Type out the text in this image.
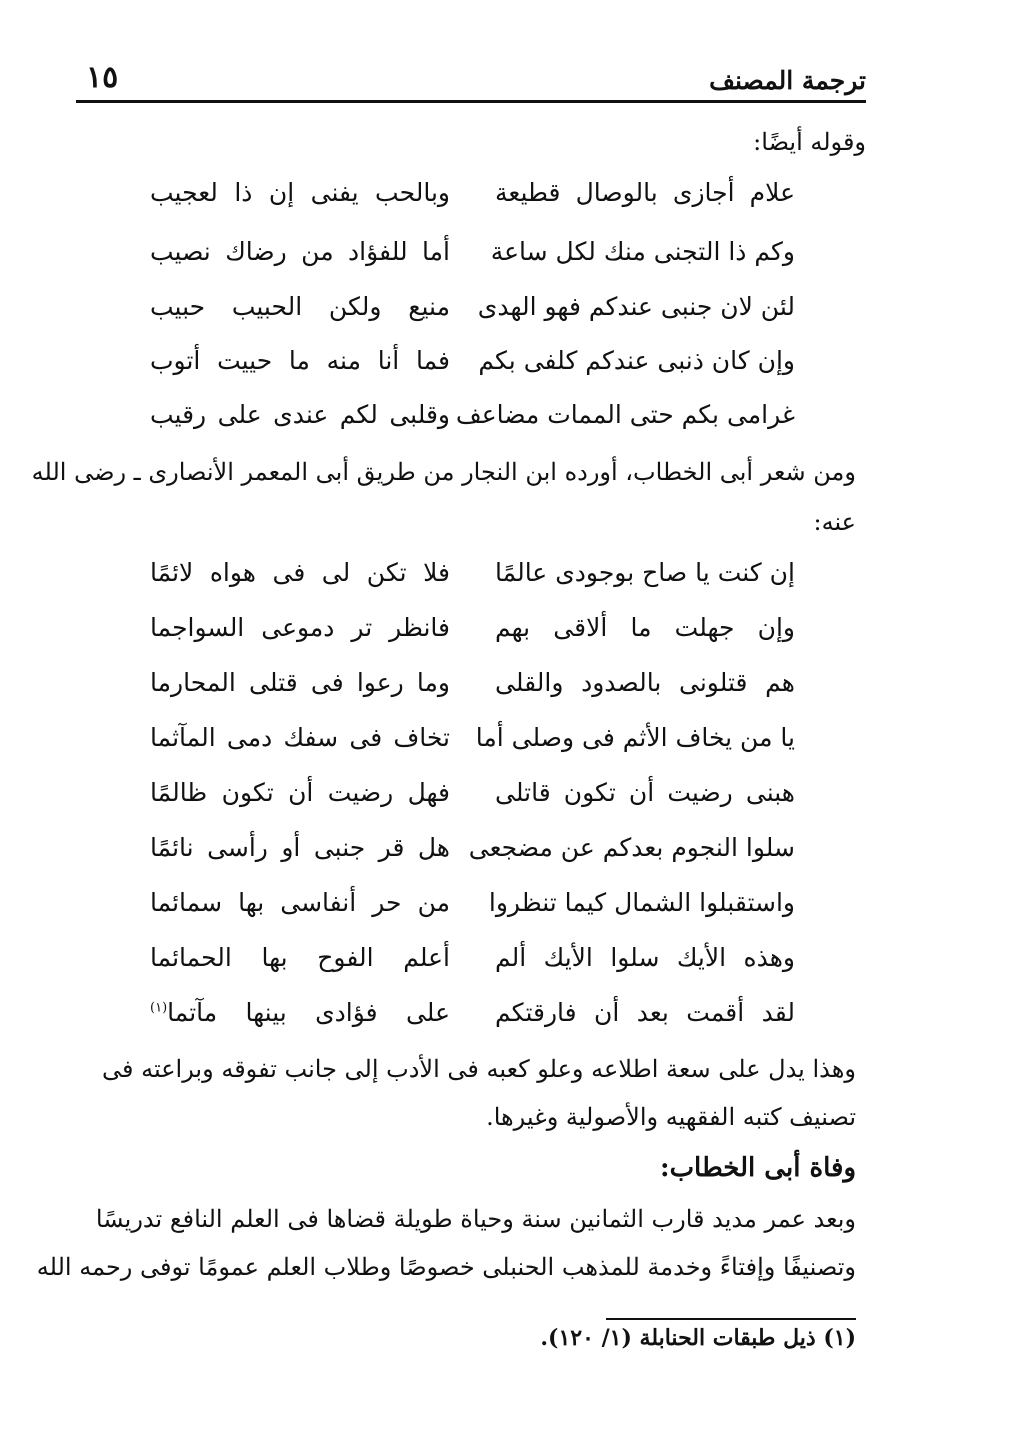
ترجمة المصنف
١٥
وقوله أيضًا:
علام أجازى بالوصال قطيعة
وبالحب يفنى إن ذا لعجيب
وكم ذا التجنى منك لكل ساعة
أما للفؤاد من رضاك نصيب
لئن لان جنبى عندكم فهو الهدى
منيع ولكن الحبيب حبيب
وإن كان ذنبى عندكم كلفى بكم
فما أنا منه ما حييت أتوب
غرامى بكم حتى الممات مضاعف
وقلبى لكم عندى على رقيب
ومن شعر أبى الخطاب، أورده ابن النجار من طريق أبى المعمر الأنصارى ـ رضى الله
عنه:
إن كنت يا صاح بوجودى عالمًا
فلا تكن لى فى هواه لائمًا
وإن جهلت ما ألاقى بهم
فانظر تر دموعى السواجما
هم قتلونى بالصدود والقلى
وما رعوا فى قتلى المحارما
يا من يخاف الأثم فى وصلى أما
تخاف فى سفك دمى المآثما
هبنى رضيت أن تكون قاتلى
فهل رضيت أن تكون ظالمًا
سلوا النجوم بعدكم عن مضجعى
هل قر جنبى أو رأسى نائمًا
واستقبلوا الشمال كيما تنظروا
من حر أنفاسى بها سمائما
وهذه الأيك سلوا الأيك ألم
أعلم الفوح بها الحمائما
لقد أقمت بعد أن فارقتكم
على فؤادى بينها مآتما$^{(١)}$
وهذا يدل على سعة اطلاعه وعلو كعبه فى الأدب إلى جانب تفوقه وبراعته فى
تصنيف كتبه الفقهيه والأصولية وغيرها.
وفاة أبى الخطاب:
وبعد عمر مديد قارب الثمانين سنة وحياة طويلة قضاها فى العلم النافع تدريسًا
وتصنيفًا وإفتاءً وخدمة للمذهب الحنبلى خصوصًا وطلاب العلم عمومًا توفى رحمه الله
(١) ذيل طبقات الحنابلة (١/ ١٢٠).
